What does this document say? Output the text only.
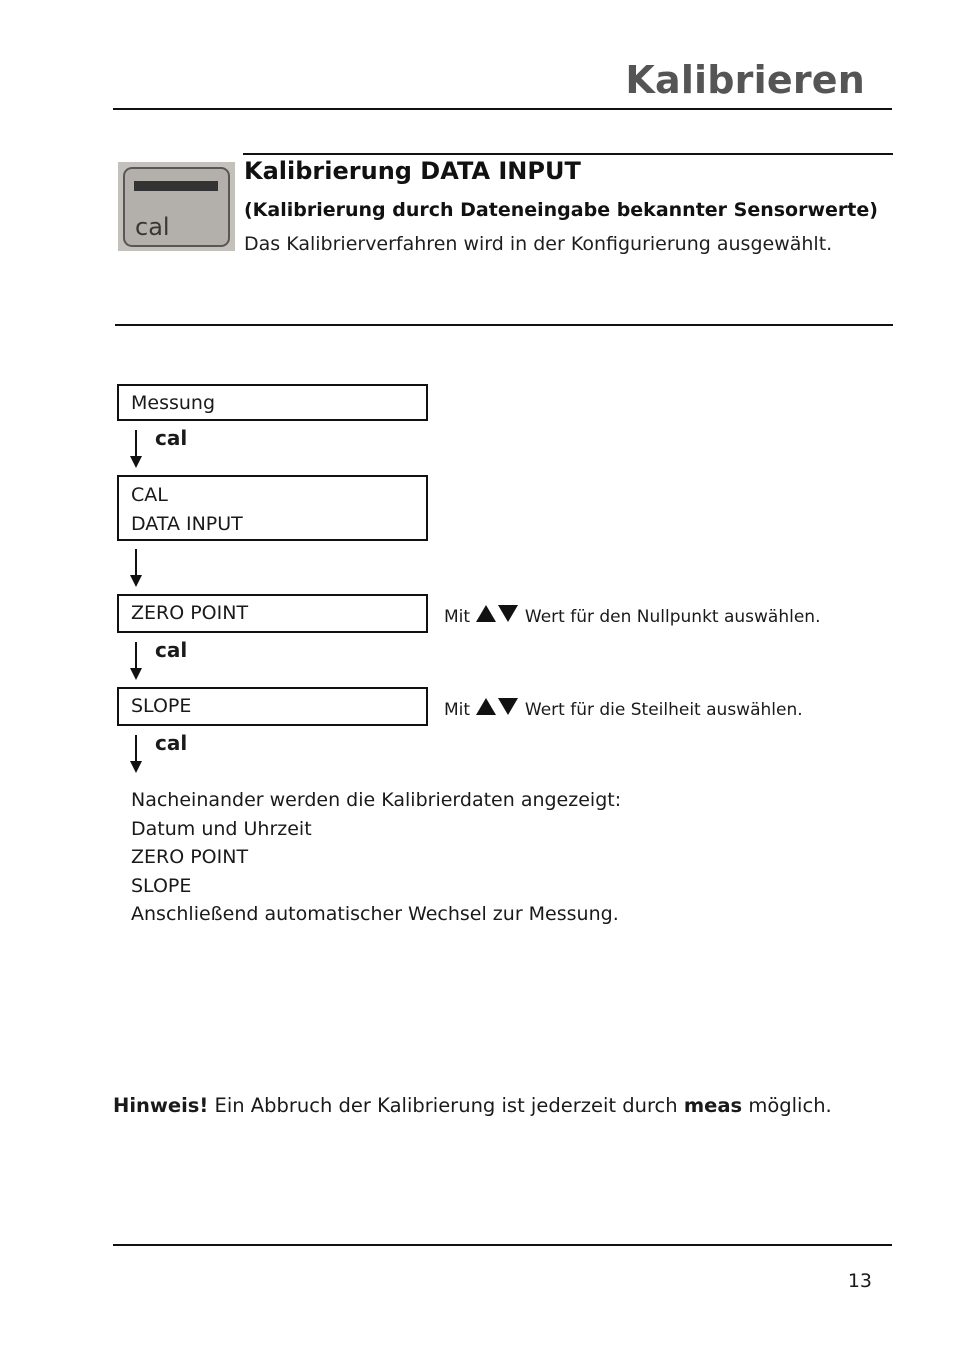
Kalibrieren
cal
Kalibrierung DATA INPUT
(Kalibrierung durch Dateneingabe bekannter Sensorwerte)
Das Kalibrierverfahren wird in der Konfigurierung ausgewählt.
Messung
cal
CAL
DATA INPUT
ZERO POINT	Mit	Wert für den Nullpunkt auswählen.
cal
SLOPE	Mit	Wert für die Steilheit auswählen.
cal
Nacheinander werden die Kalibrierdaten angezeigt:
Datum und Uhrzeit
ZERO POINT
SLOPE
Anschließend automatischer Wechsel zur Messung.
Hinweis! Ein Abbruch der Kalibrierung ist jederzeit durch meas möglich.
13
